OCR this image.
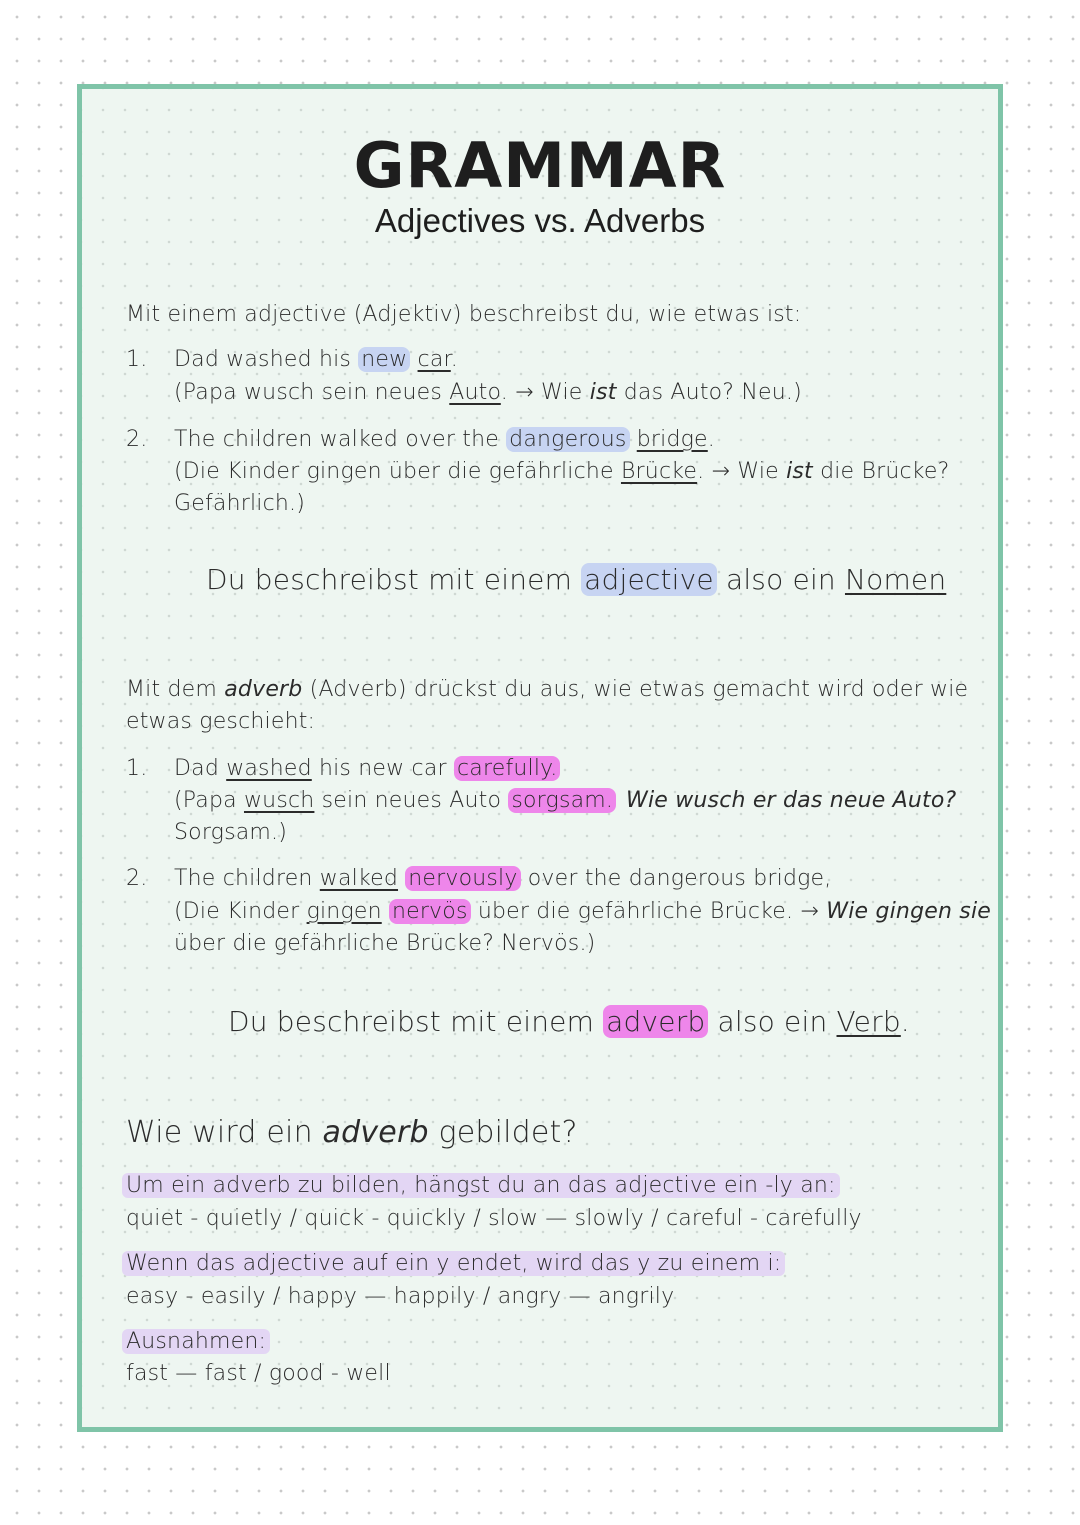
GRAMMAR
Adjectives vs. Adverbs
Mit einem adjective (Adjektiv) beschreibst du, wie etwas ist:
1. Dad washed his new car.
(Papa wusch sein neues Auto. → Wie ist das Auto? Neu.)
2. The children walked over the dangerous bridge.
(Die Kinder gingen über die gefährliche Brücke. → Wie ist die Brücke?
Gefährlich.)
Du beschreibst mit einem adjective also ein Nomen
Mit dem adverb (Adverb) drückst du aus, wie etwas gemacht wird oder wie
etwas geschieht:
1. Dad washed his new car carefully.
(Papa wusch sein neues Auto sorgsam. Wie wusch er das neue Auto?
Sorgsam.)
2. The children walked nervously over the dangerous bridge,
(Die Kinder gingen nervös über die gefährliche Brücke. → Wie gingen sie
über die gefährliche Brücke? Nervös.)
Du beschreibst mit einem adverb also ein Verb.
Wie wird ein adverb gebildet?
Um ein adverb zu bilden, hängst du an das adjective ein -ly an:
quiet - quietly / quick - quickly / slow — slowly / careful - carefully
Wenn das adjective auf ein y endet, wird das y zu einem i:
easy - easily / happy — happily / angry — angrily
Ausnahmen:
fast — fast / good - well
